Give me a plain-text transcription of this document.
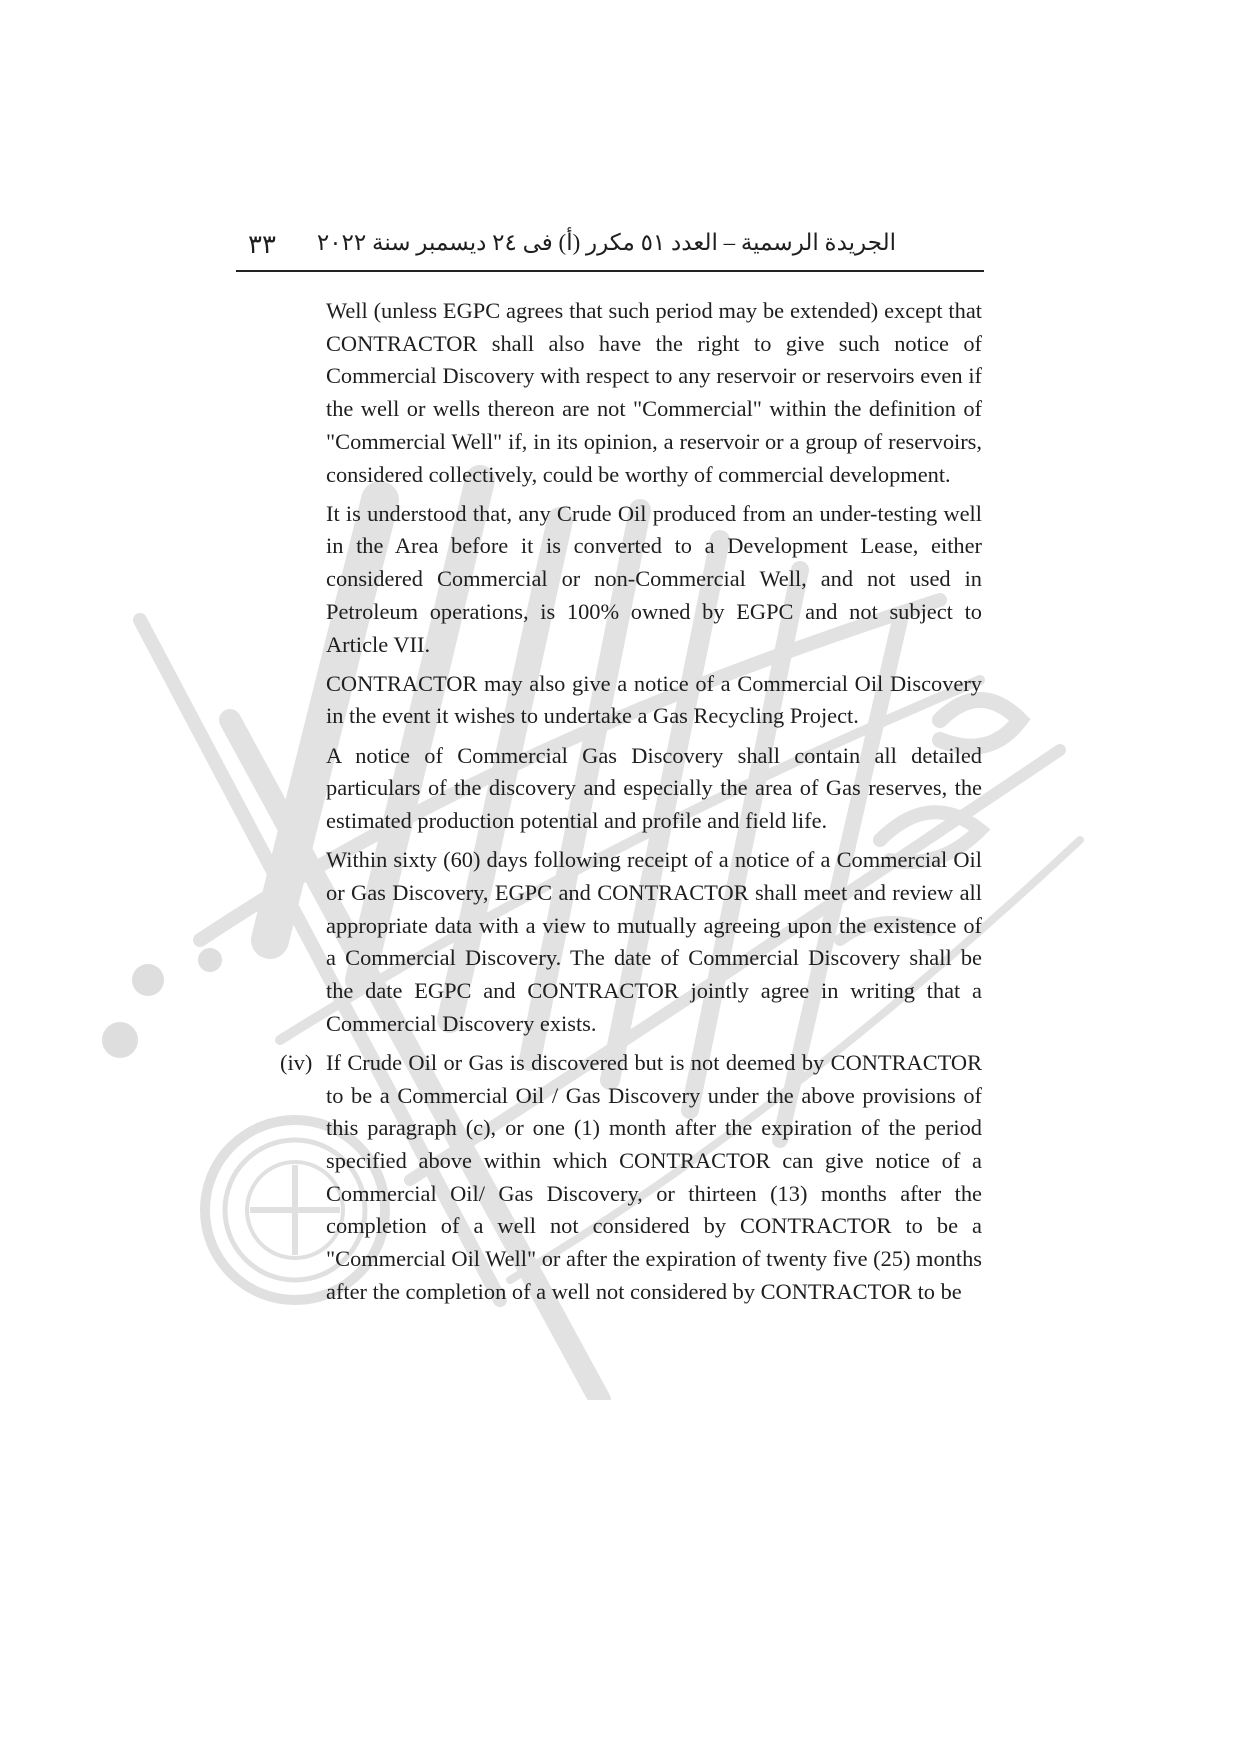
٣٣ الجريدة الرسمية – العدد ٥١ مكرر (أ) فى ٢٤ ديسمبر سنة ٢٠٢٢

Well (unless EGPC agrees that such period may be extended) except that CONTRACTOR shall also have the right to give such notice of Commercial Discovery with respect to any reservoir or reservoirs even if the well or wells thereon are not "Commercial" within the definition of "Commercial Well" if, in its opinion, a reservoir or a group of reservoirs, considered collectively, could be worthy of commercial development.

It is understood that, any Crude Oil produced from an under-testing well in the Area before it is converted to a Development Lease, either considered Commercial or non-Commercial Well, and not used in Petroleum operations, is 100% owned by EGPC and not subject to Article VII.

CONTRACTOR may also give a notice of a Commercial Oil Discovery in the event it wishes to undertake a Gas Recycling Project.

A notice of Commercial Gas Discovery shall contain all detailed particulars of the discovery and especially the area of Gas reserves, the estimated production potential and profile and field life.

Within sixty (60) days following receipt of a notice of a Commercial Oil or Gas Discovery, EGPC and CONTRACTOR shall meet and review all appropriate data with a view to mutually agreeing upon the existence of a Commercial Discovery. The date of Commercial Discovery shall be the date EGPC and CONTRACTOR jointly agree in writing that a Commercial Discovery exists.

(iv) If Crude Oil or Gas is discovered but is not deemed by CONTRACTOR to be a Commercial Oil / Gas Discovery under the above provisions of this paragraph (c), or one (1) month after the expiration of the period specified above within which CONTRACTOR can give notice of a Commercial Oil/ Gas Discovery, or thirteen (13) months after the completion of a well not considered by CONTRACTOR to be a "Commercial Oil Well" or after the expiration of twenty five (25) months after the completion of a well not considered by CONTRACTOR to be
